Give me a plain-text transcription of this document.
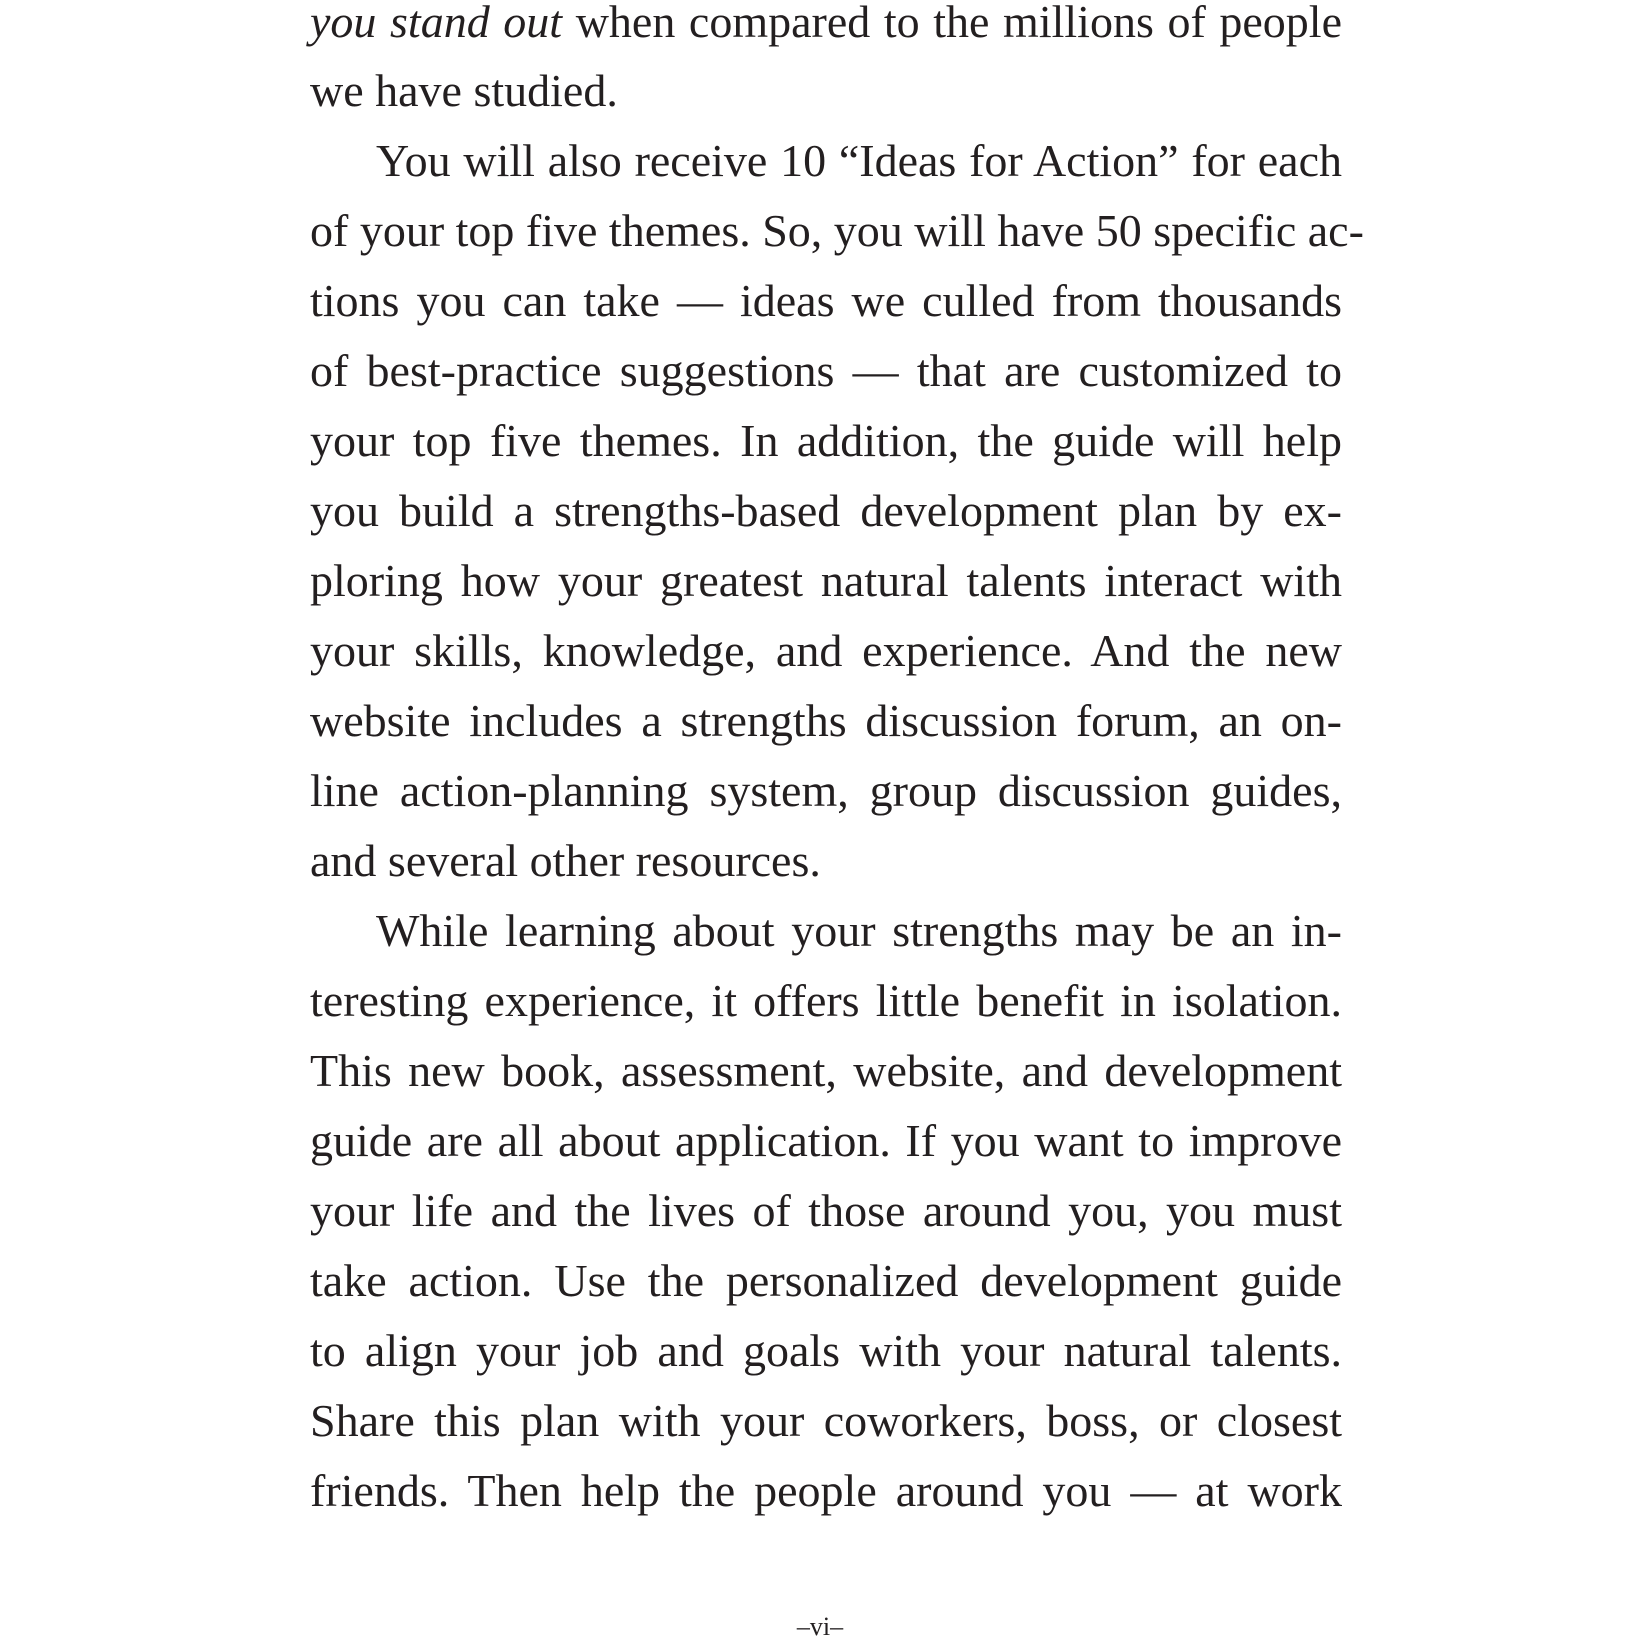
you stand out when compared to the millions of people
we have studied.
You will also receive 10 “Ideas for Action” for each
of your top five themes. So, you will have 50 specific ac-
tions you can take — ideas we culled from thousands
of best-practice suggestions — that are customized to
your top five themes. In addition, the guide will help
you build a strengths-based development plan by ex-
ploring how your greatest natural talents interact with
your skills, knowledge, and experience. And the new
website includes a strengths discussion forum, an on-
line action-planning system, group discussion guides,
and several other resources.
While learning about your strengths may be an in-
teresting experience, it offers little benefit in isolation.
This new book, assessment, website, and development
guide are all about application. If you want to improve
your life and the lives of those around you, you must
take action. Use the personalized development guide
to align your job and goals with your natural talents.
Share this plan with your coworkers, boss, or closest
friends. Then help the people around you — at work
–vi–
